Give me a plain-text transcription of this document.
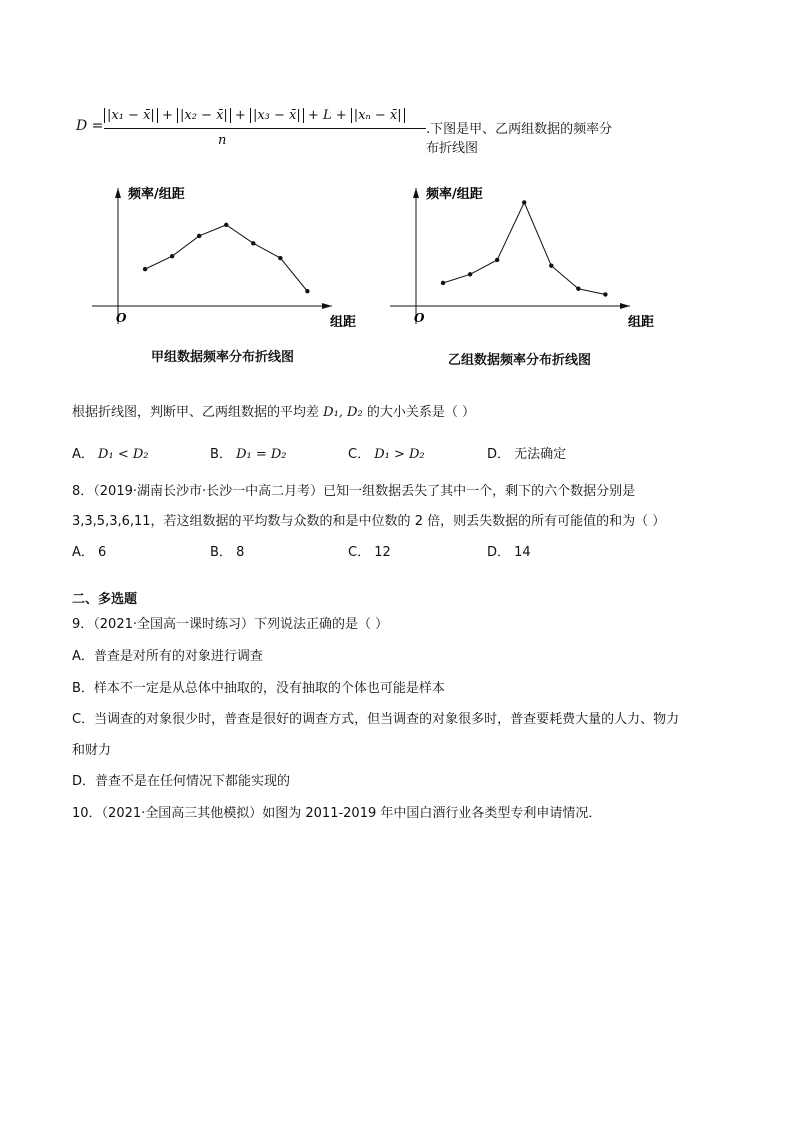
D =
|x₁ − x̄| + |x₂ − x̄| + |x₃ − x̄| + L + |xₙ − x̄|
n
.下图是甲、乙两组数据的频率分布折线图
频率/组距
组距
O
甲组数据频率分布折线图
频率/组距
组距
O
乙组数据频率分布折线图
根据折线图，判断甲、乙两组数据的平均差 D₁, D₂ 的大小关系是（ ）
A． D₁ < D₂	B． D₁ = D₂	C． D₁ > D₂	D． 无法确定
8．（2019·湖南长沙市·长沙一中高二月考）已知一组数据丢失了其中一个，剩下的六个数据分别是
3,3,5,3,6,11，若这组数据的平均数与众数的和是中位数的 2 倍，则丢失数据的所有可能值的和为（ ）
A． 6	B． 8	C． 12	D． 14
二、多选题
9．（2021·全国高一课时练习）下列说法正确的是（ ）
A．普查是对所有的对象进行调查
B．样本不一定是从总体中抽取的，没有抽取的个体也可能是样本
C．当调查的对象很少时，普查是很好的调查方式，但当调查的对象很多时，普查要耗费大量的人力、物力
和财力
D．普查不是在任何情况下都能实现的
10．（2021·全国高三其他模拟）如图为 2011-2019 年中国白酒行业各类型专利申请情况．
